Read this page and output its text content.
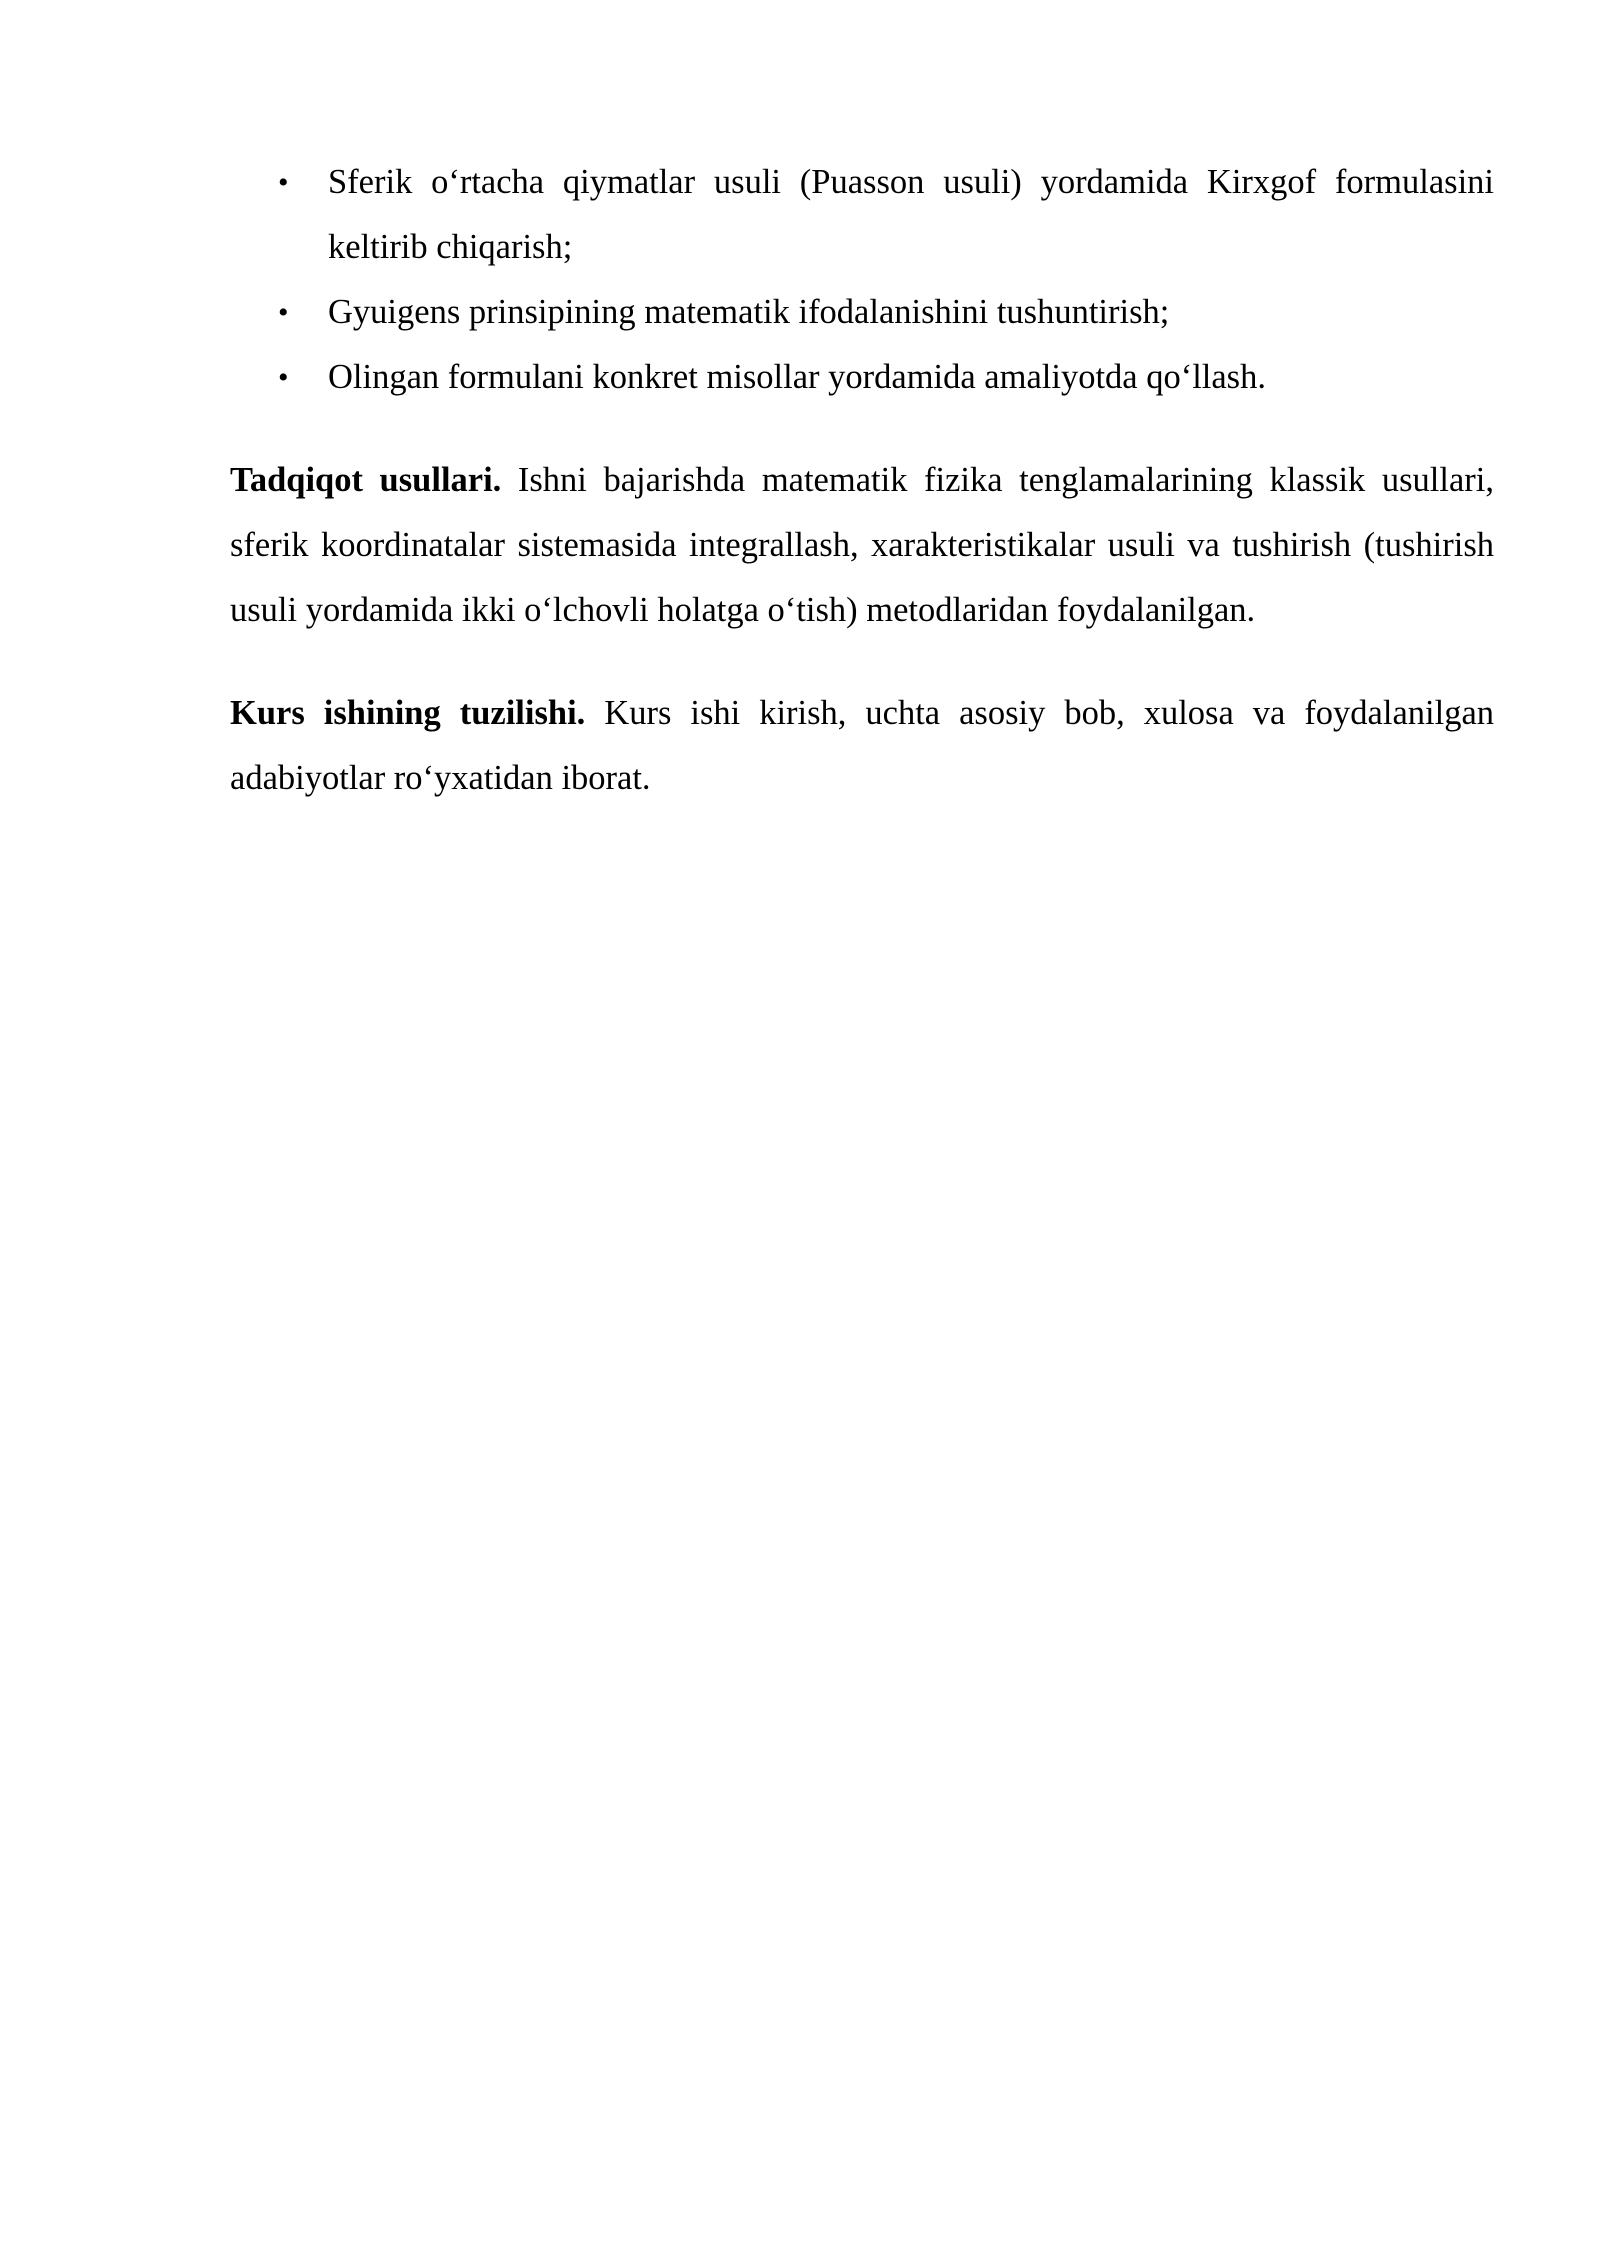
• Sferik o‘rtacha qiymatlar usuli (Puasson usuli) yordamida Kirxgof formulasini keltirib chiqarish;
• Gyuigens prinsipining matematik ifodalanishini tushuntirish;
• Olingan formulani konkret misollar yordamida amaliyotda qo‘llash.

Tadqiqot usullari. Ishni bajarishda matematik fizika tenglamalarining klassik usullari, sferik koordinatalar sistemasida integrallash, xarakteristikalar usuli va tushirish (tushirish usuli yordamida ikki o‘lchovli holatga o‘tish) metodlaridan foydalanilgan.

Kurs ishining tuzilishi. Kurs ishi kirish, uchta asosiy bob, xulosa va foydalanilgan adabiyotlar ro‘yxatidan iborat.
